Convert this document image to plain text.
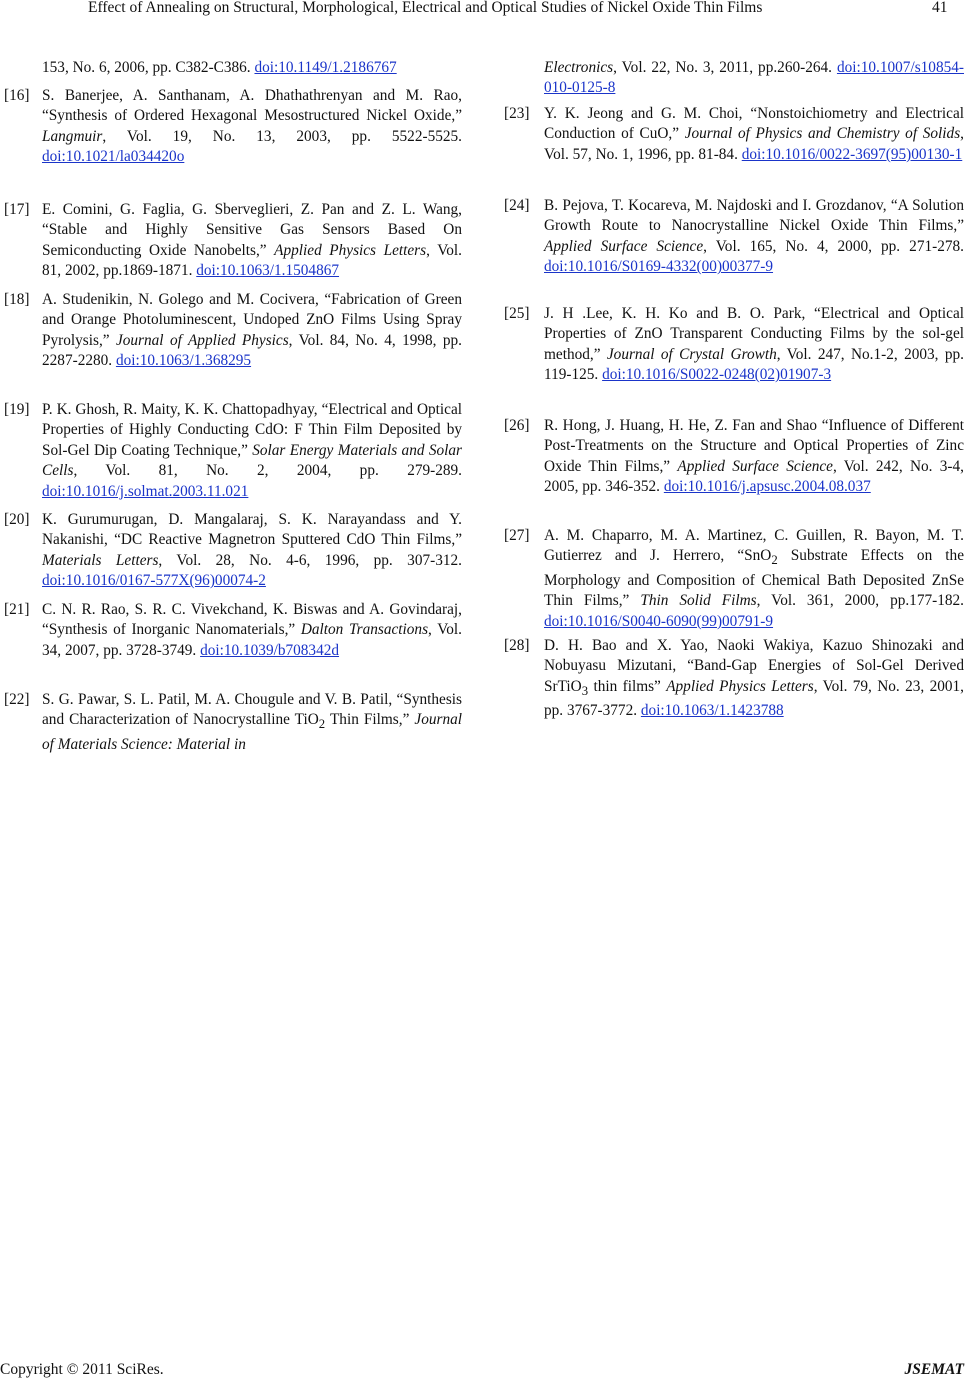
Effect of Annealing on Structural, Morphological, Electrical and Optical Studies of Nickel Oxide Thin Films	41
153, No. 6, 2006, pp. C382-C386. doi:10.1149/1.2186767
[16] S. Banerjee, A. Santhanam, A. Dhathathrenyan and M. Rao, “Synthesis of Ordered Hexagonal Mesostructured Nickel Oxide,” Langmuir, Vol. 19, No. 13, 2003, pp. 5522-5525. doi:10.1021/la034420o
[17] E. Comini, G. Faglia, G. Sberveglieri, Z. Pan and Z. L. Wang, “Stable and Highly Sensitive Gas Sensors Based On Semiconducting Oxide Nanobelts,” Applied Physics Letters, Vol. 81, 2002, pp.1869-1871. doi:10.1063/1.1504867
[18] A. Studenikin, N. Golego and M. Cocivera, “Fabrication of Green and Orange Photoluminescent, Undoped ZnO Films Using Spray Pyrolysis,” Journal of Applied Physics, Vol. 84, No. 4, 1998, pp. 2287-2280. doi:10.1063/1.368295
[19] P. K. Ghosh, R. Maity, K. K. Chattopadhyay, “Electrical and Optical Properties of Highly Conducting CdO: F Thin Film Deposited by Sol-Gel Dip Coating Technique,” Solar Energy Materials and Solar Cells, Vol. 81, No. 2, 2004, pp. 279-289. doi:10.1016/j.solmat.2003.11.021
[20] K. Gurumurugan, D. Mangalaraj, S. K. Narayandass and Y. Nakanishi, “DC Reactive Magnetron Sputtered CdO Thin Films,” Materials Letters, Vol. 28, No. 4-6, 1996, pp. 307-312. doi:10.1016/0167-577X(96)00074-2
[21] C. N. R. Rao, S. R. C. Vivekchand, K. Biswas and A. Govindaraj, “Synthesis of Inorganic Nanomaterials,” Dalton Transactions, Vol. 34, 2007, pp. 3728-3749. doi:10.1039/b708342d
[22] S. G. Pawar, S. L. Patil, M. A. Chougule and V. B. Patil, “Synthesis and Characterization of Nanocrystalline TiO$_2$ Thin Films,” Journal of Materials Science: Material in
Electronics, Vol. 22, No. 3, 2011, pp.260-264. doi:10.1007/s10854-010-0125-8
[23] Y. K. Jeong and G. M. Choi, “Nonstoichiometry and Electrical Conduction of CuO,” Journal of Physics and Chemistry of Solids, Vol. 57, No. 1, 1996, pp. 81-84. doi:10.1016/0022-3697(95)00130-1
[24] B. Pejova, T. Kocareva, M. Najdoski and I. Grozdanov, “A Solution Growth Route to Nanocrystalline Nickel Oxide Thin Films,” Applied Surface Science, Vol. 165, No. 4, 2000, pp. 271-278. doi:10.1016/S0169-4332(00)00377-9
[25] J. H .Lee, K. H. Ko and B. O. Park, “Electrical and Optical Properties of ZnO Transparent Conducting Films by the sol-gel method,” Journal of Crystal Growth, Vol. 247, No.1-2, 2003, pp. 119-125. doi:10.1016/S0022-0248(02)01907-3
[26] R. Hong, J. Huang, H. He, Z. Fan and Shao “Influence of Different Post-Treatments on the Structure and Optical Properties of Zinc Oxide Thin Films,” Applied Surface Science, Vol. 242, No. 3-4, 2005, pp. 346-352. doi:10.1016/j.apsusc.2004.08.037
[27] A. M. Chaparro, M. A. Martinez, C. Guillen, R. Bayon, M. T. Gutierrez and J. Herrero, “SnO$_2$ Substrate Effects on the Morphology and Composition of Chemical Bath Deposited ZnSe Thin Films,” Thin Solid Films, Vol. 361, 2000, pp.177-182. doi:10.1016/S0040-6090(99)00791-9
[28] D. H. Bao and X. Yao, Naoki Wakiya, Kazuo Shinozaki and Nobuyasu Mizutani, “Band-Gap Energies of Sol-Gel Derived SrTiO$_3$ thin films” Applied Physics Letters, Vol. 79, No. 23, 2001, pp. 3767-3772. doi:10.1063/1.1423788
Copyright © 2011 SciRes.	JSEMAT
